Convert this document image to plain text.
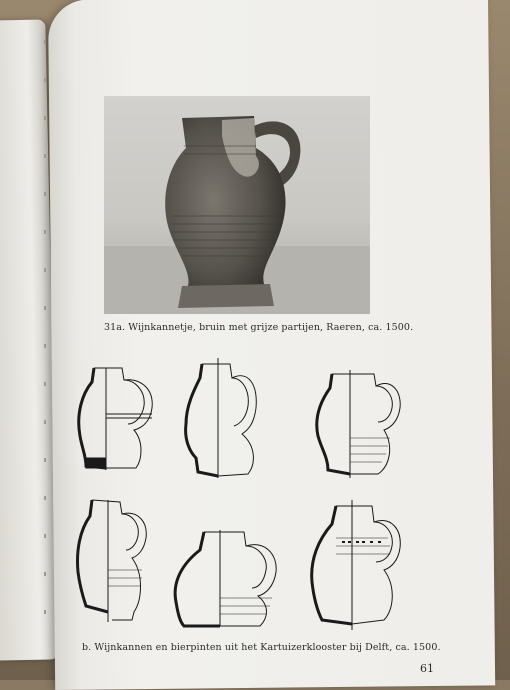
31a. Wijnkannetje, bruin met grijze partijen, Raeren, ca. 1500.
b. Wijnkannen en bierpinten uit het Kartuizerklooster bij Delft, ca. 1500.
61
